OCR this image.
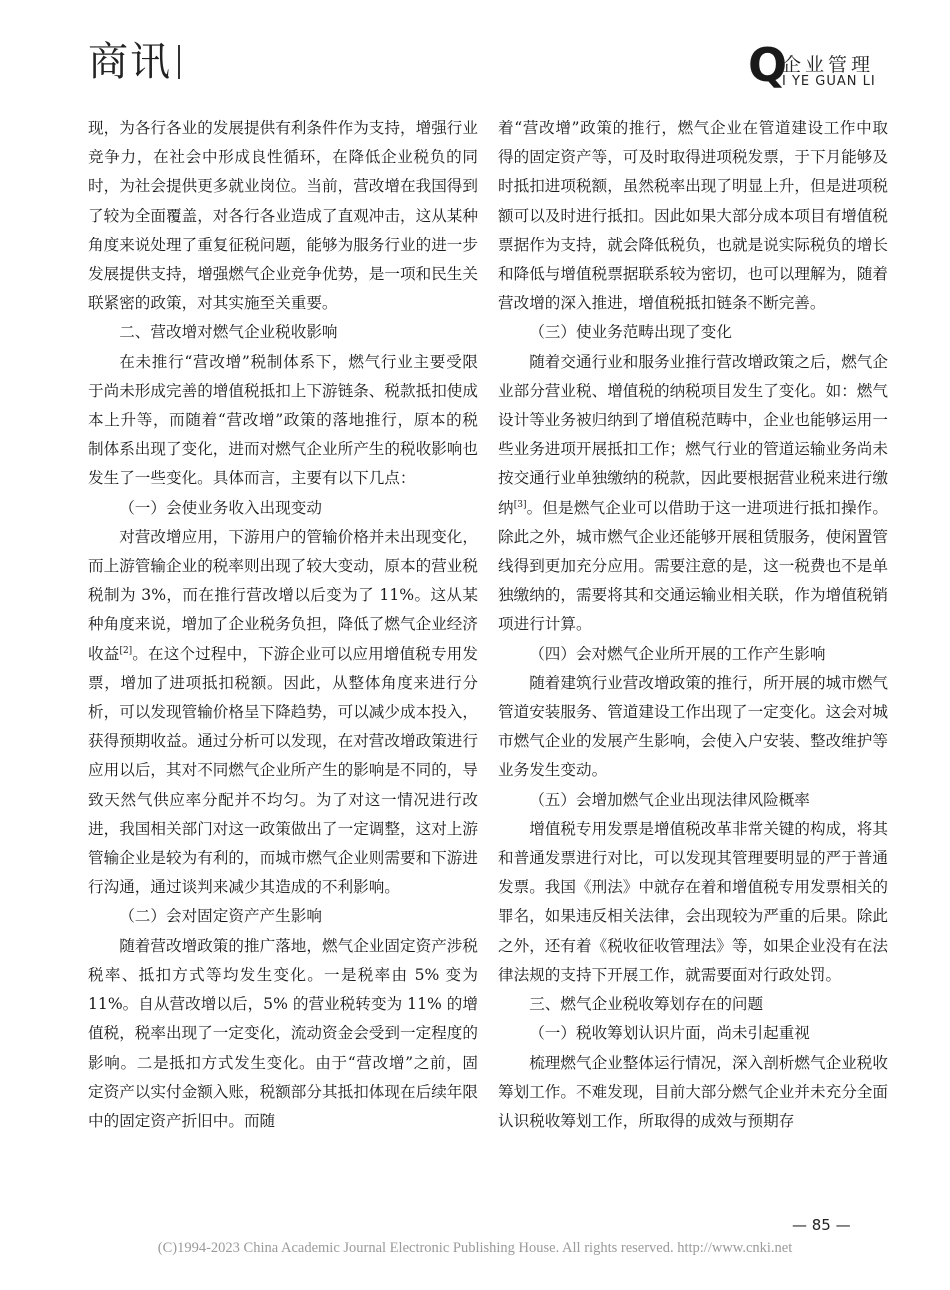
商讯	Q
企业管理
I YE GUAN LI

现，为各行各业的发展提供有利条件作为支持，增强行业竞争力，在社会中形成良性循环，在降低企业税负的同时，为社会提供更多就业岗位。当前，营改增在我国得到了较为全面覆盖，对各行各业造成了直观冲击，这从某种角度来说处理了重复征税问题，能够为服务行业的进一步发展提供支持，增强燃气企业竞争优势，是一项和民生关联紧密的政策，对其实施至关重要。

二、营改增对燃气企业税收影响

在未推行“营改增”税制体系下，燃气行业主要受限于尚未形成完善的增值税抵扣上下游链条、税款抵扣使成本上升等，而随着“营改增”政策的落地推行，原本的税制体系出现了变化，进而对燃气企业所产生的税收影响也发生了一些变化。具体而言，主要有以下几点：

（一）会使业务收入出现变动

对营改增应用，下游用户的管输价格并未出现变化，而上游管输企业的税率则出现了较大变动，原本的营业税税制为 3%，而在推行营改增以后变为了 11%。这从某种角度来说，增加了企业税务负担，降低了燃气企业经济收益[2]。在这个过程中，下游企业可以应用增值税专用发票，增加了进项抵扣税额。因此，从整体角度来进行分析，可以发现管输价格呈下降趋势，可以减少成本投入，获得预期收益。通过分析可以发现，在对营改增政策进行应用以后，其对不同燃气企业所产生的影响是不同的，导致天然气供应率分配并不均匀。为了对这一情况进行改进，我国相关部门对这一政策做出了一定调整，这对上游管输企业是较为有利的，而城市燃气企业则需要和下游进行沟通，通过谈判来减少其造成的不利影响。

（二）会对固定资产产生影响

随着营改增政策的推广落地，燃气企业固定资产涉税税率、抵扣方式等均发生变化。一是税率由 5% 变为 11%。自从营改增以后，5% 的营业税转变为 11% 的增值税，税率出现了一定变化，流动资金会受到一定程度的影响。二是抵扣方式发生变化。由于“营改增”之前，固定资产以实付金额入账，税额部分其抵扣体现在后续年限中的固定资产折旧中。而随

着“营改增”政策的推行，燃气企业在管道建设工作中取得的固定资产等，可及时取得进项税发票，于下月能够及时抵扣进项税额，虽然税率出现了明显上升，但是进项税额可以及时进行抵扣。因此如果大部分成本项目有增值税票据作为支持，就会降低税负，也就是说实际税负的增长和降低与增值税票据联系较为密切，也可以理解为，随着营改增的深入推进，增值税抵扣链条不断完善。

（三）使业务范畴出现了变化

随着交通行业和服务业推行营改增政策之后，燃气企业部分营业税、增值税的纳税项目发生了变化。如：燃气设计等业务被归纳到了增值税范畴中，企业也能够运用一些业务进项开展抵扣工作；燃气行业的管道运输业务尚未按交通行业单独缴纳的税款，因此要根据营业税来进行缴纳[3]。但是燃气企业可以借助于这一进项进行抵扣操作。除此之外，城市燃气企业还能够开展租赁服务，使闲置管线得到更加充分应用。需要注意的是，这一税费也不是单独缴纳的，需要将其和交通运输业相关联，作为增值税销项进行计算。

（四）会对燃气企业所开展的工作产生影响

随着建筑行业营改增政策的推行，所开展的城市燃气管道安装服务、管道建设工作出现了一定变化。这会对城市燃气企业的发展产生影响，会使入户安装、整改维护等业务发生变动。

（五）会增加燃气企业出现法律风险概率

增值税专用发票是增值税改革非常关键的构成，将其和普通发票进行对比，可以发现其管理要明显的严于普通发票。我国《刑法》中就存在着和增值税专用发票相关的罪名，如果违反相关法律，会出现较为严重的后果。除此之外，还有着《税收征收管理法》等，如果企业没有在法律法规的支持下开展工作，就需要面对行政处罚。

三、燃气企业税收筹划存在的问题

（一）税收筹划认识片面，尚未引起重视

梳理燃气企业整体运行情况，深入剖析燃气企业税收筹划工作。不难发现，目前大部分燃气企业并未充分全面认识税收筹划工作，所取得的成效与预期存

— 85 —
(C)1994-2023 China Academic Journal Electronic Publishing House. All rights reserved. http://www.cnki.net
